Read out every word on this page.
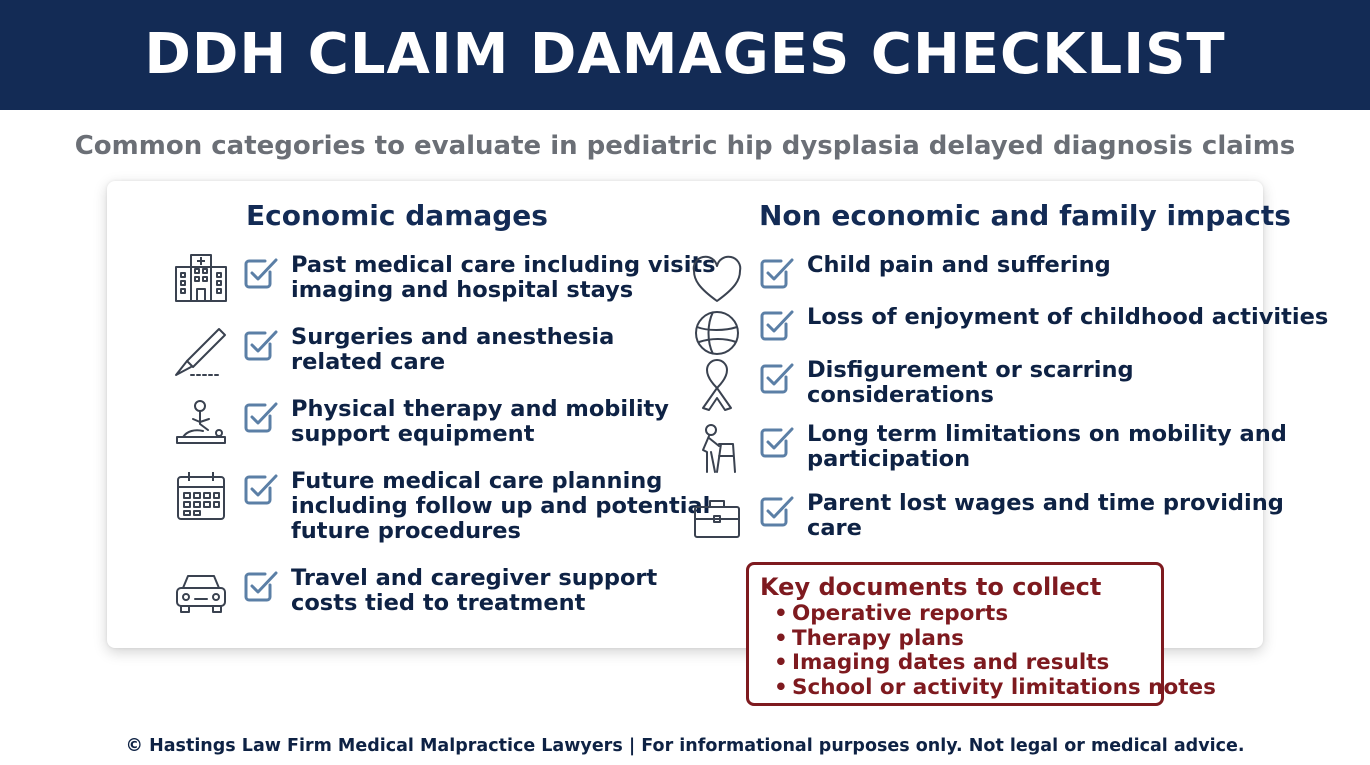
DDH CLAIM DAMAGES CHECKLIST
Common categories to evaluate in pediatric hip dysplasia delayed diagnosis claims
Economic damages	Non economic and family impacts
Past medical care including visits
imaging and hospital stays
Surgeries and anesthesia
related care
Physical therapy and mobility
support equipment
Future medical care planning
including follow up and potential
future procedures
Travel and caregiver support
costs tied to treatment
Child pain and suffering
Loss of enjoyment of childhood activities
Disfigurement or scarring
considerations
Long term limitations on mobility and
participation
Parent lost wages and time providing
care
Key documents to collect
• Operative reports
• Therapy plans
• Imaging dates and results
• School or activity limitations notes
© Hastings Law Firm Medical Malpractice Lawyers | For informational purposes only. Not legal or medical advice.
